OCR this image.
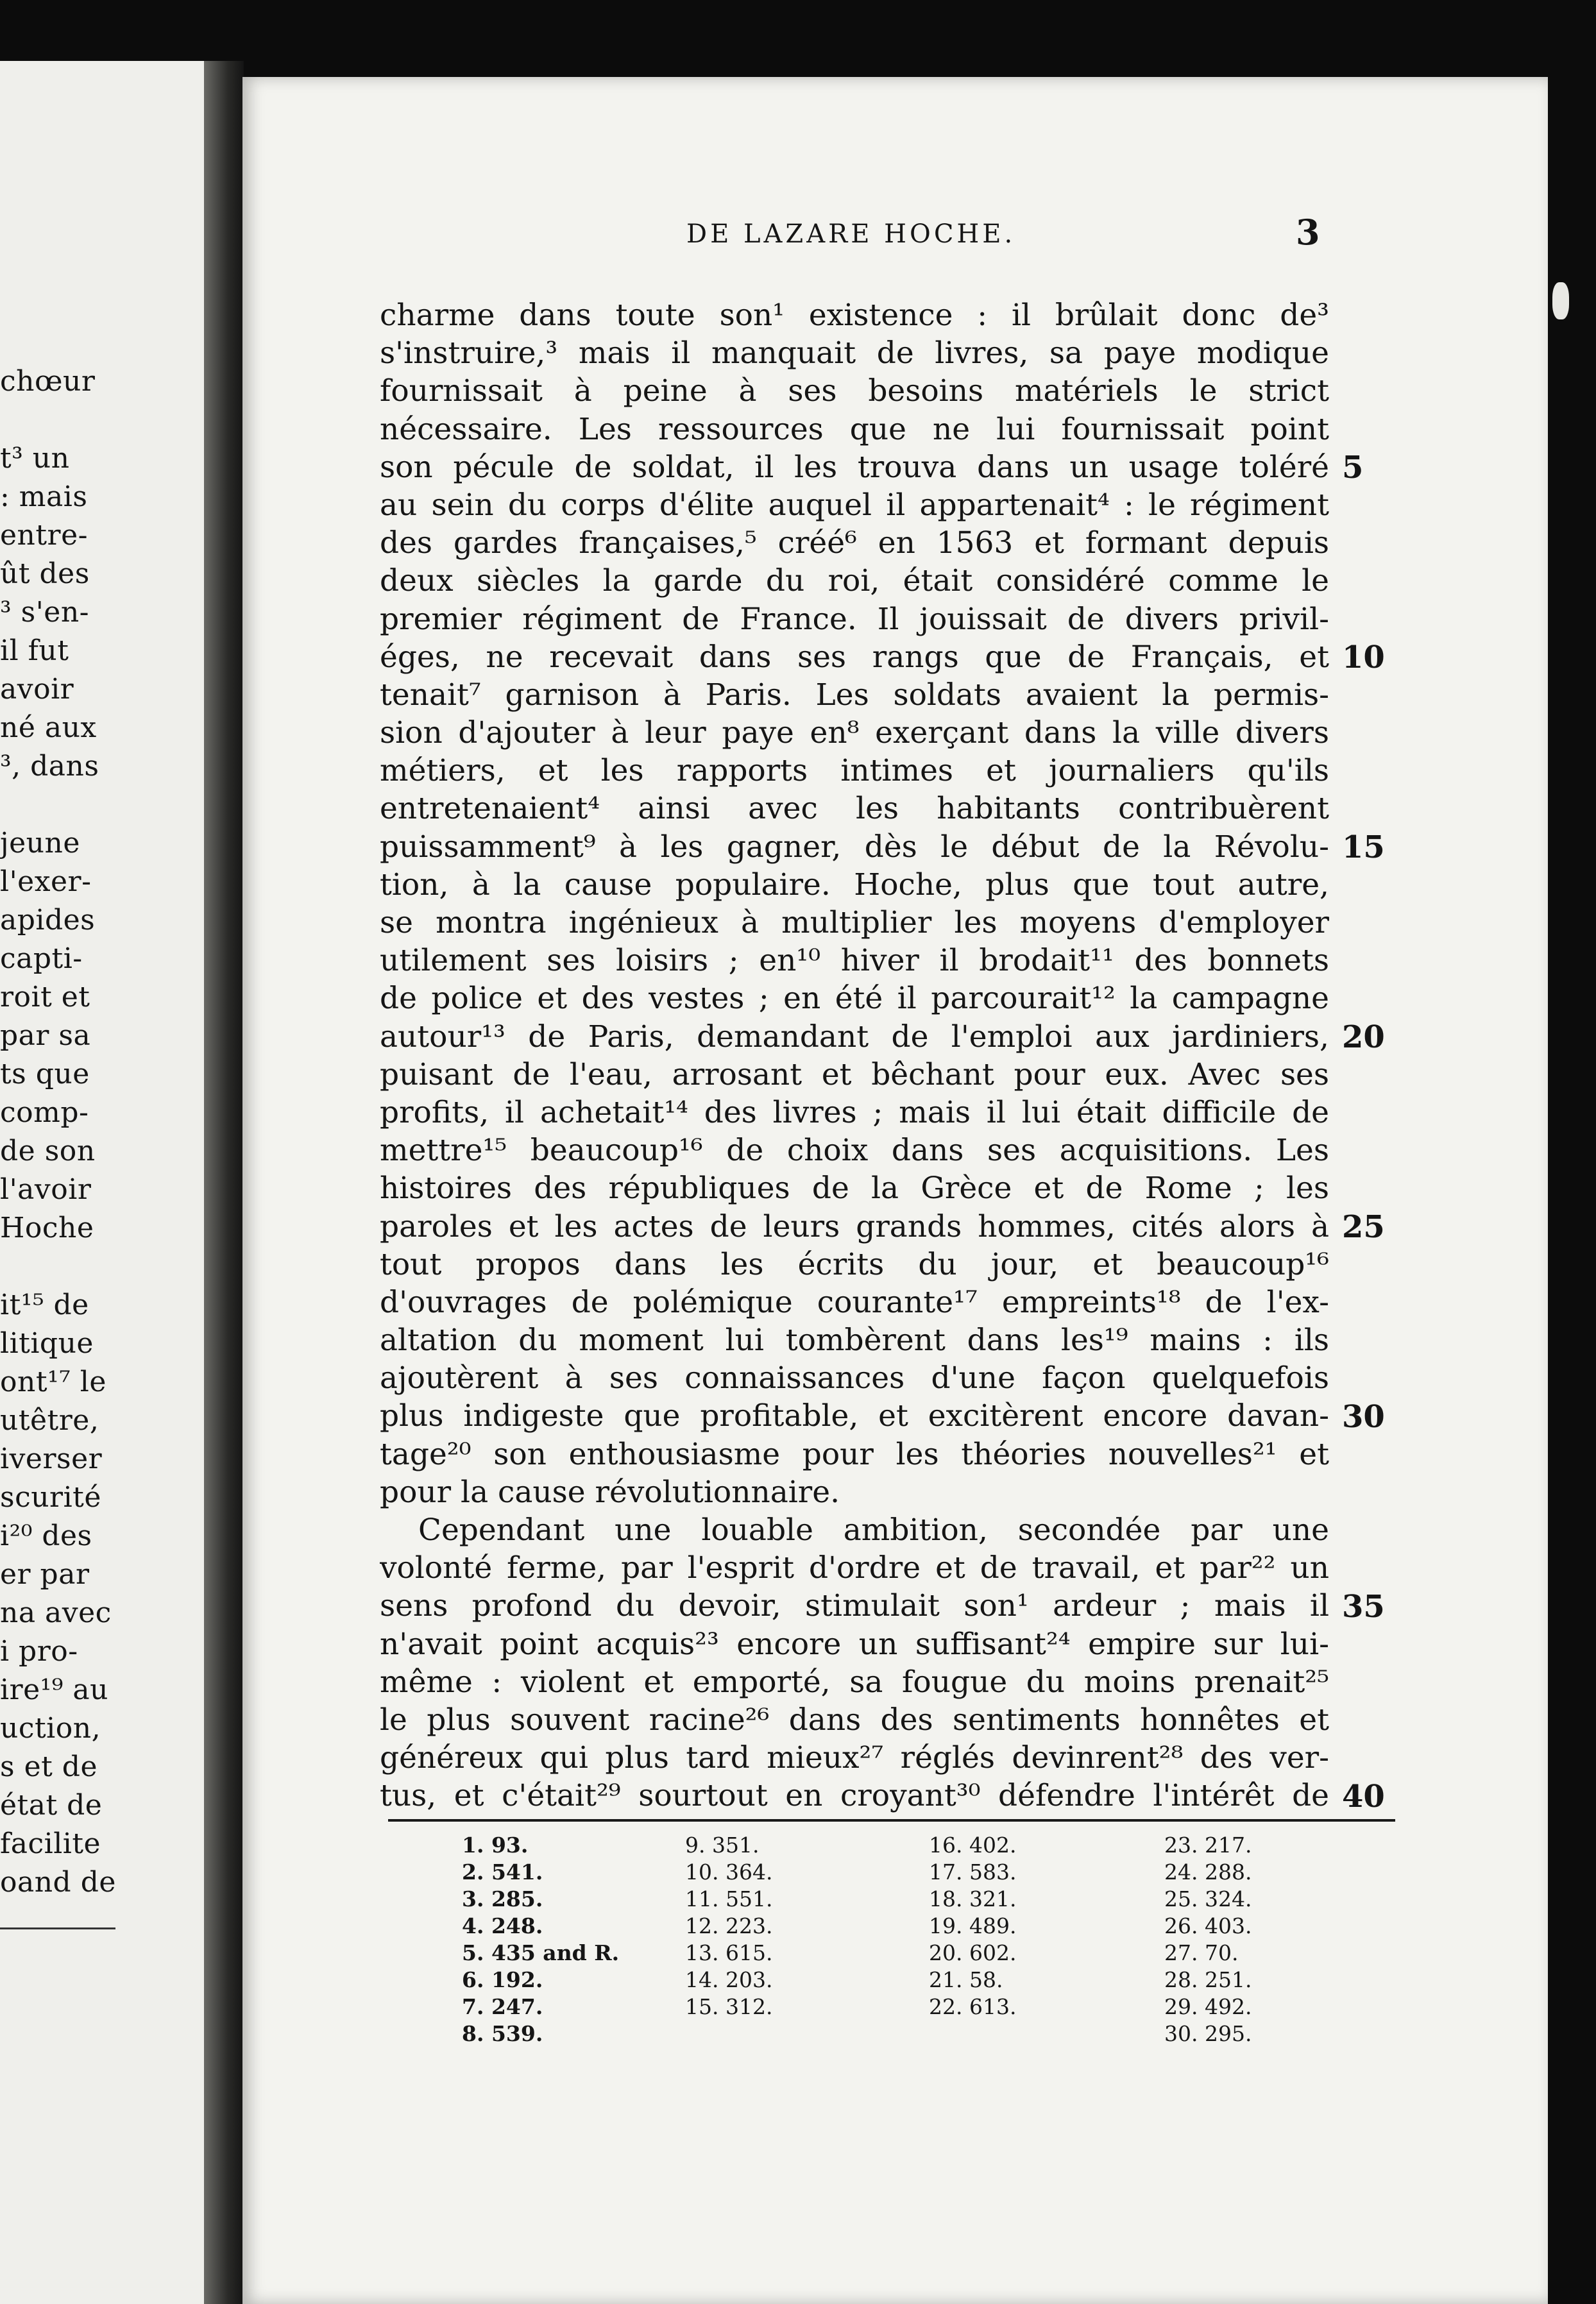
chœur
t³ un
: mais
entre-
ût des
³ s'en-
il fut
avoir
né aux
³, dans
jeune
l'exer-
apides
capti-
roit et
par sa
ts que
comp-
de son
l'avoir
Hoche
it¹⁵ de
litique
ont¹⁷ le
utêtre,
iverser
scurité
i²⁰ des
er par
na avec
i pro-
ire¹⁹ au
uction,
s et de
état de
facilite
oand de
DE LAZARE HOCHE.	3
charme dans toute son¹ existence : il brûlait donc de³
s'instruire,³ mais il manquait de livres, sa paye modique
fournissait à peine à ses besoins matériels le strict
nécessaire. Les ressources que ne lui fournissait point
son pécule de soldat, il les trouva dans un usage toléré
au sein du corps d'élite auquel il appartenait⁴ : le régiment
des gardes françaises,⁵ créé⁶ en 1563 et formant depuis
deux siècles la garde du roi, était considéré comme le
premier régiment de France. Il jouissait de divers privil-
éges, ne recevait dans ses rangs que de Français, et
tenait⁷ garnison à Paris. Les soldats avaient la permis-
sion d'ajouter à leur paye en⁸ exerçant dans la ville divers
métiers, et les rapports intimes et journaliers qu'ils
entretenaient⁴ ainsi avec les habitants contribuèrent
puissamment⁹ à les gagner, dès le début de la Révolu-
tion, à la cause populaire. Hoche, plus que tout autre,
se montra ingénieux à multiplier les moyens d'employer
utilement ses loisirs ; en¹⁰ hiver il brodait¹¹ des bonnets
de police et des vestes ; en été il parcourait¹² la campagne
autour¹³ de Paris, demandant de l'emploi aux jardiniers,
puisant de l'eau, arrosant et bêchant pour eux. Avec ses
profits, il achetait¹⁴ des livres ; mais il lui était difficile de
mettre¹⁵ beaucoup¹⁶ de choix dans ses acquisitions. Les
histoires des républiques de la Grèce et de Rome ; les
paroles et les actes de leurs grands hommes, cités alors à
tout propos dans les écrits du jour, et beaucoup¹⁶
d'ouvrages de polémique courante¹⁷ empreints¹⁸ de l'ex-
altation du moment lui tombèrent dans les¹⁹ mains : ils
ajoutèrent à ses connaissances d'une façon quelquefois
plus indigeste que profitable, et excitèrent encore davan-
tage²⁰ son enthousiasme pour les théories nouvelles²¹ et
pour la cause révolutionnaire.
Cependant une louable ambition, secondée par une
volonté ferme, par l'esprit d'ordre et de travail, et par²² un
sens profond du devoir, stimulait son¹ ardeur ; mais il
n'avait point acquis²³ encore un suffisant²⁴ empire sur lui-
même : violent et emporté, sa fougue du moins prenait²⁵
le plus souvent racine²⁶ dans des sentiments honnêtes et
généreux qui plus tard mieux²⁷ réglés devinrent²⁸ des ver-
tus, et c'était²⁹ sourtout en croyant³⁰ défendre l'intérêt de
5
10
15
20
25
30
35
40
1. 93.
2. 541.
3. 285.
4. 248.
5. 435 and R.
6. 192.
7. 247.
8. 539.
9. 351.
10. 364.
11. 551.
12. 223.
13. 615.
14. 203.
15. 312.
16. 402.
17. 583.
18. 321.
19. 489.
20. 602.
21. 58.
22. 613.
23. 217.
24. 288.
25. 324.
26. 403.
27. 70.
28. 251.
29. 492.
30. 295.
